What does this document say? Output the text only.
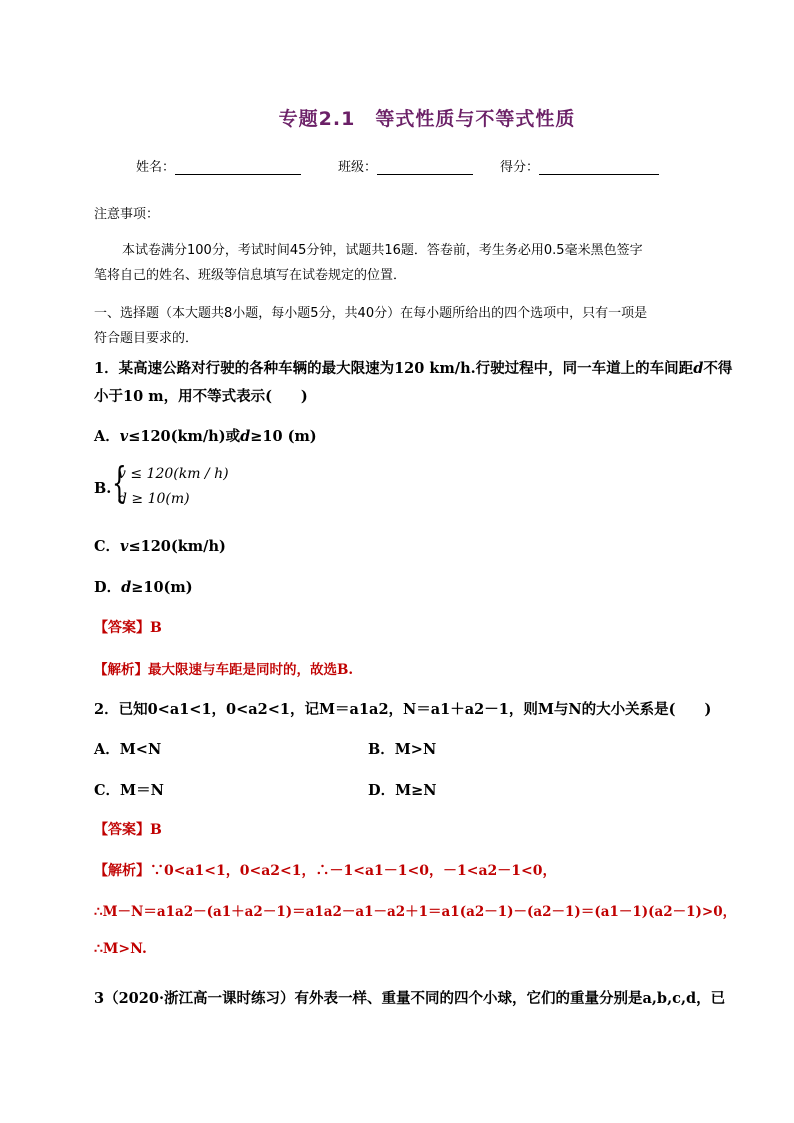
专题2.1　等式性质与不等式性质
姓名：	班级：	得分：
注意事项：
本试卷满分100分，考试时间45分钟，试题共16题．答卷前，考生务必用0.5毫米黑色签字
笔将自己的姓名、班级等信息填写在试卷规定的位置．
一、选择题（本大题共8小题，每小题5分，共40分）在每小题所给出的四个选项中，只有一项是
符合题目要求的．
1．某高速公路对行驶的各种车辆的最大限速为120 km/h.行驶过程中，同一车道上的车间距d不得
小于10 m，用不等式表示(　　)
A．v≤120(km/h)或d≥10 (m)
B. {
v ≤ 120(km / h)
d ≥ 10(m)
C．v≤120(km/h)
D．d≥10(m)
【答案】B
【解析】最大限速与车距是同时的，故选B.
2．已知0<a1<1，0<a2<1，记M＝a1a2，N＝a1＋a2－1，则M与N的大小关系是(　　)
A．M<N	B．M>N
C．M＝N	D．M≥N
【答案】B
【解析】∵0<a1<1，0<a2<1，∴－1<a1－1<0，－1<a2－1<0，
∴M－N＝a1a2－(a1＋a2－1)＝a1a2－a1－a2＋1＝a1(a2－1)－(a2－1)＝(a1－1)(a2－1)>0，
∴M>N.
3（2020·浙江高一课时练习）有外表一样、重量不同的四个小球，它们的重量分别是a,b,c,d，已
